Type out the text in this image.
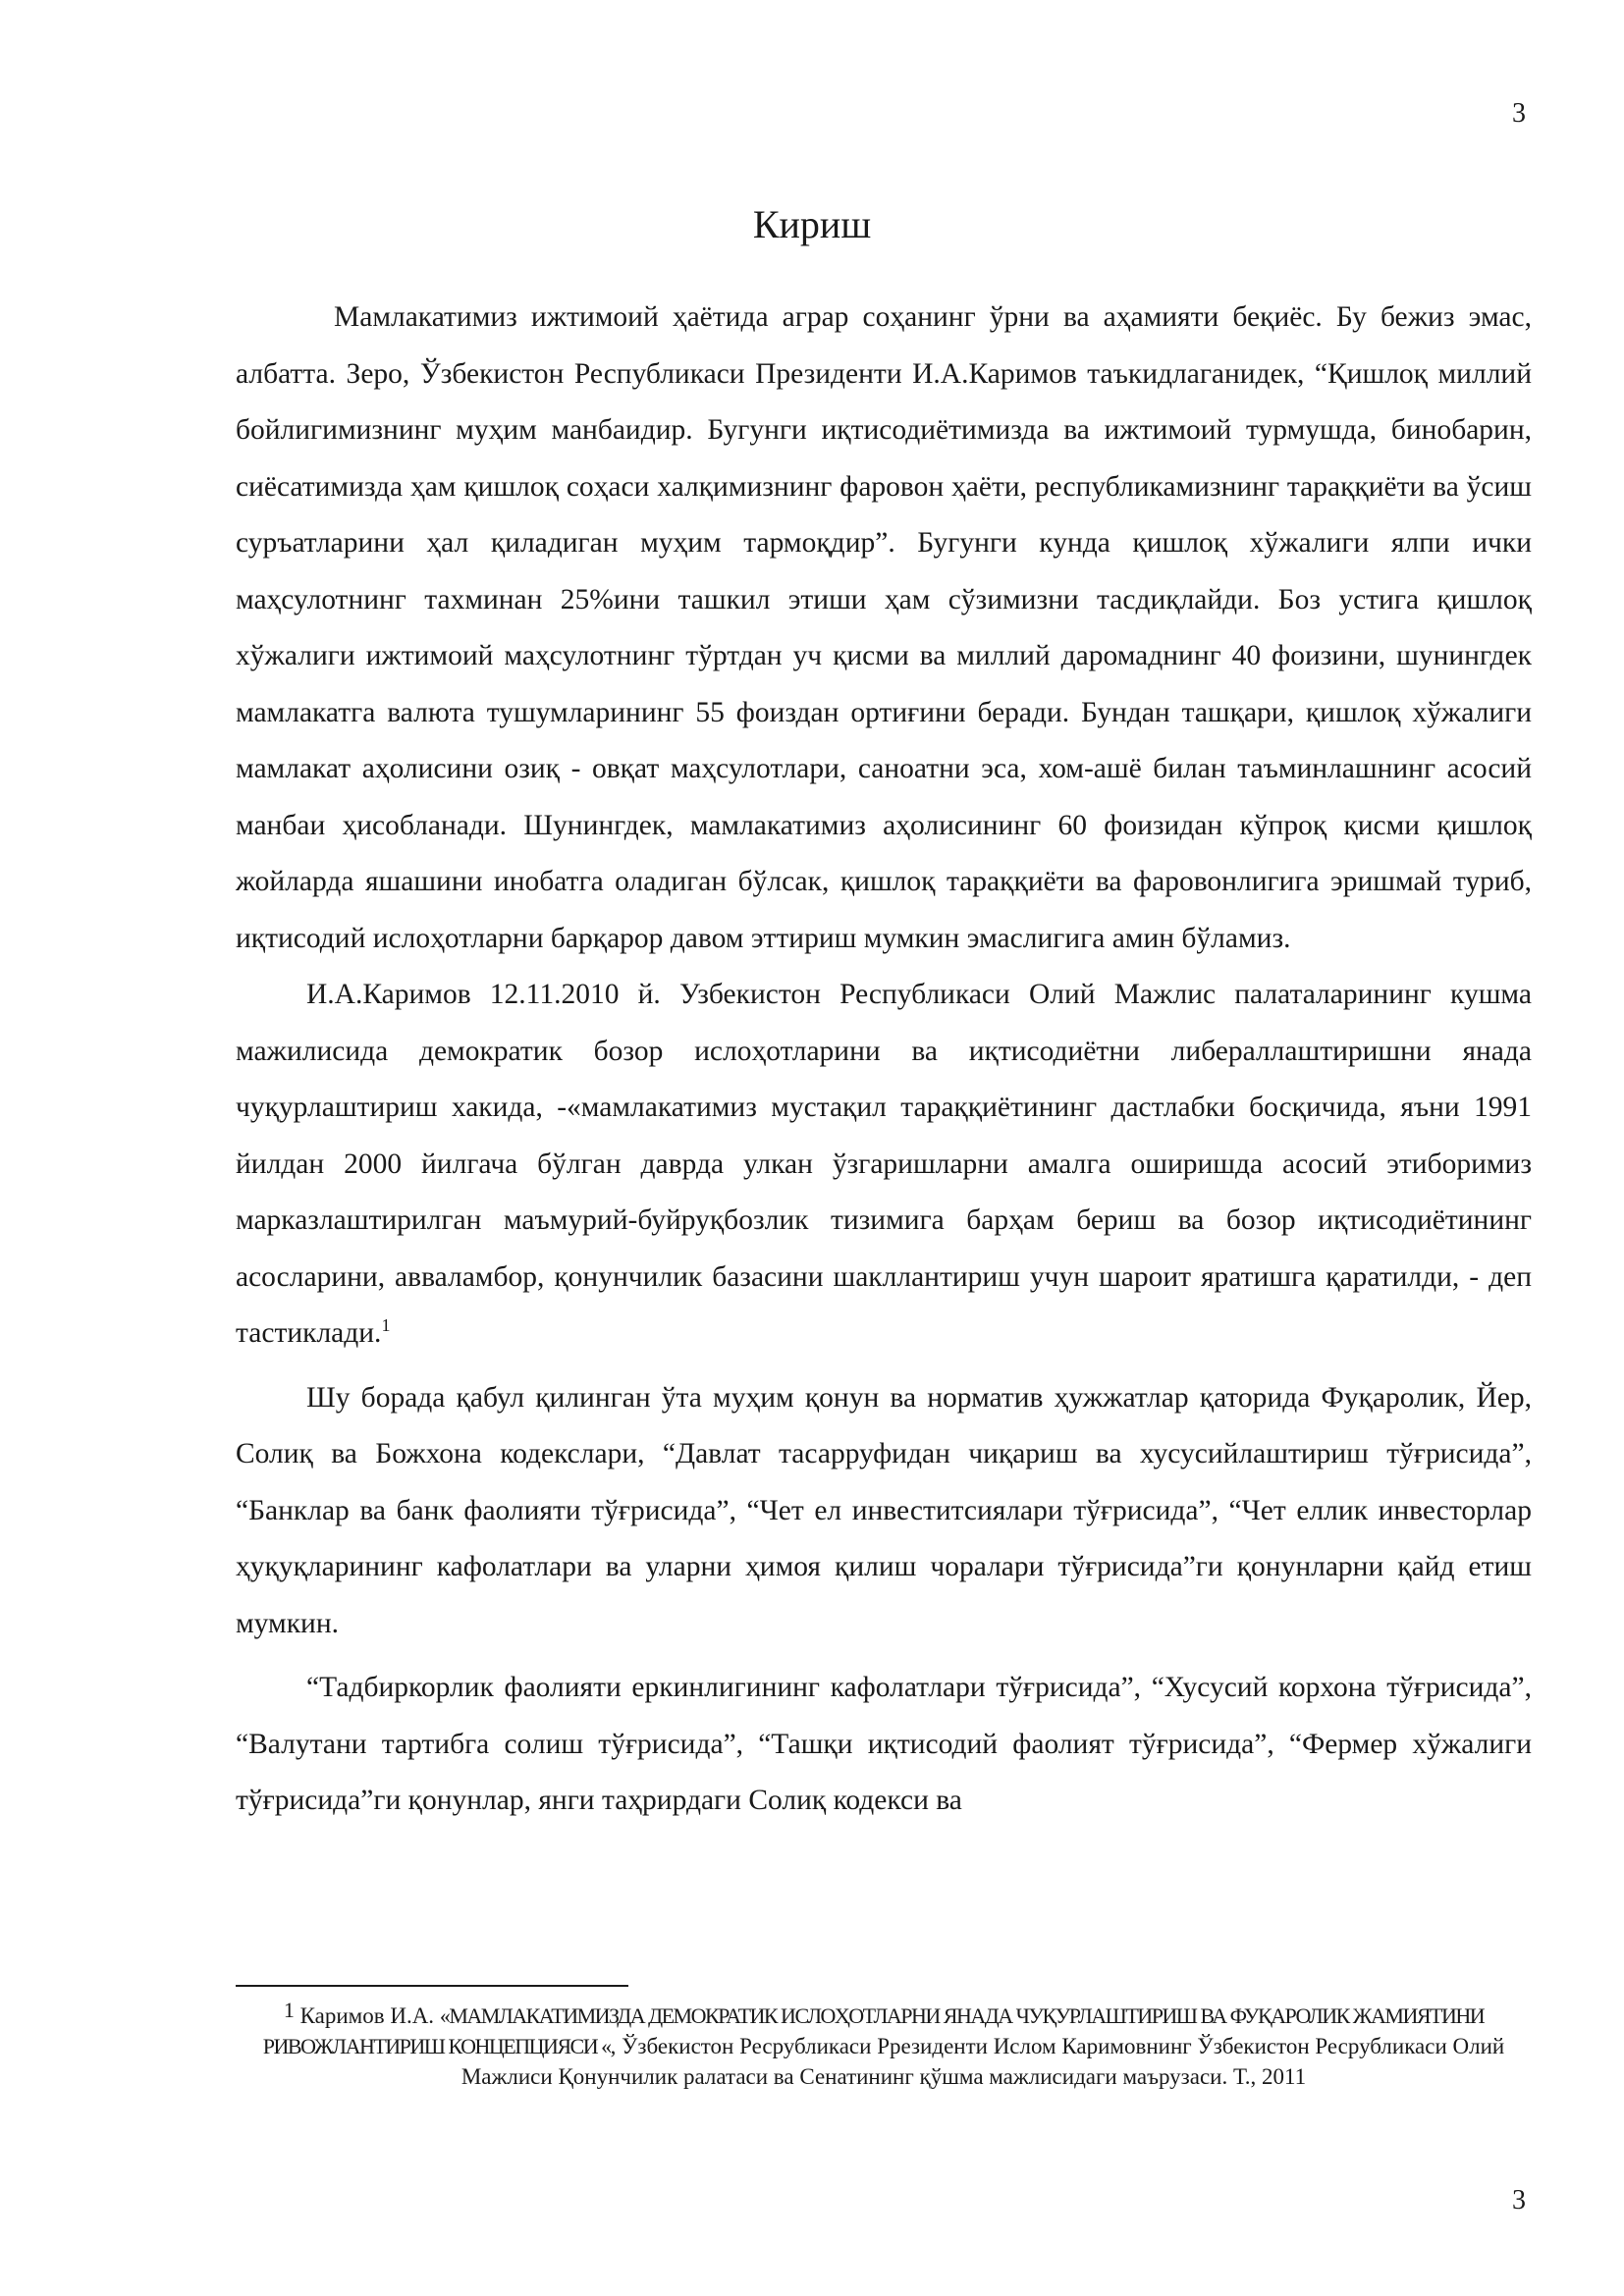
3
Кириш

Мамлакатимиз ижтимоий ҳаётида аграр соҳанинг ўрни ва аҳамияти беқиёс. Бу бежиз эмас, албатта. Зеро, Ўзбекистон Республикаси Президенти И.А.Каримов таъкидлаганидек, “Қишлоқ миллий бойлигимизнинг муҳим манбаидир. Бугунги иқтисодиётимизда ва ижтимоий турмушда, бинобарин, сиёсатимизда ҳам қишлоқ соҳаси халқимизнинг фаровон ҳаёти, республикамизнинг тараққиёти ва ўсиш суръатларини ҳал қиладиган муҳим тармоқдир”. Бугунги кунда қишлоқ хўжалиги ялпи ички маҳсулотнинг тахминан 25%ини ташкил этиши ҳам сўзимизни тасдиқлайди. Боз устига қишлоқ хўжалиги ижтимоий маҳсулотнинг тўртдан уч қисми ва миллий даромаднинг 40 фоизини, шунингдек мамлакатга валюта тушумларининг 55 фоиздан ортиғини беради. Бундан ташқари, қишлоқ хўжалиги мамлакат аҳолисини озиқ - овқат маҳсулотлари, саноатни эса, хом-ашё билан таъминлашнинг асосий манбаи ҳисобланади. Шунингдек, мамлакатимиз аҳолисининг 60 фоизидан кўпроқ қисми қишлоқ жойларда яшашини инобатга оладиган бўлсак, қишлоқ тараққиёти ва фаровонлигига эришмай туриб, иқтисодий ислоҳотларни барқарор давом эттириш мумкин эмаслигига амин бўламиз.

И.А.Каримов 12.11.2010 й. Узбекистон Республикаси Олий Мажлис палаталарининг кушма мажилисида демократик бозор ислоҳотларини ва иқтисодиётни либераллаштиришни янада чуқурлаштириш хакида, -«мамлакатимиз мустақил тараққиётининг дастлабки босқичида, яъни 1991 йилдан 2000 йилгача бўлган даврда улкан ўзгаришларни амалга оширишда асосий этиборимиз марказлаштирилган маъмурий-буйруқбозлик тизимига барҳам бериш ва бозор иқтисодиётининг асосларини, авваламбор, қонунчилик базасини шакллантириш учун шароит яратишга қаратилди, - деп тастиклади.$^1$

Шу борада қабул қилинган ўта муҳим қонун ва норматив ҳужжатлар қаторида Фуқаролик, Йер, Солиқ ва Божхона кодекслари, “Давлат тасарруфидан чиқариш ва хусусийлаштириш тўғрисида”, “Банклар ва банк фаолияти тўғрисида”, “Чет ел инвеститсиялари тўғрисида”, “Чет еллик инвесторлар ҳуқуқларининг кафолатлари ва уларни ҳимоя қилиш чоралари тўғрисида”ги қонунларни қайд етиш мумкин.

“Тадбиркорлик фаолияти еркинлигининг кафолатлари тўғрисида”, “Хусусий корхона тўғрисида”, “Валутани тартибга солиш тўғрисида”, “Ташқи иқтисодий фаолият тўғрисида”, “Фермер хўжалиги тўғрисида”ги қонунлар, янги таҳрирдаги Солиқ кодекси ва

$^1$ Каримов И.А. «МАМЛАКАТИМИЗДА ДЕМОКРАТИК ИСЛОҲОТЛАРНИ ЯНАДА ЧУҚУРЛАШТИРИШ ВА ФУҚАРОЛИК ЖАМИЯТИНИ РИВОЖЛАНТИРИШ КОНЦЕПЦИЯСИ «, Ўзбекистон Ресрубликаси Ррезиденти Ислом Каримовнинг Ўзбекистон Ресрубликаси Олий Мажлиси Қонунчилик ралатаси ва Сенатининг қўшма мажлисидаги маърузаси. Т., 2011
3
